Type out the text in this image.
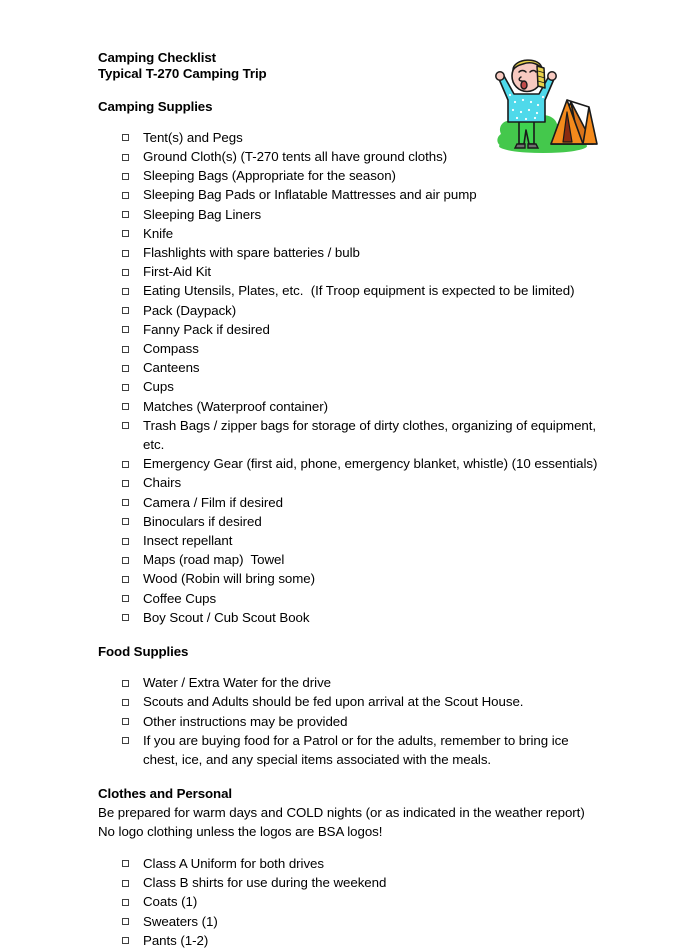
Camping Checklist
Typical T-270 Camping Trip
Camping Supplies
Tent(s) and Pegs
Ground Cloth(s) (T-270 tents all have ground cloths)
Sleeping Bags (Appropriate for the season)
Sleeping Bag Pads or Inflatable Mattresses and air pump
Sleeping Bag Liners
Knife
Flashlights with spare batteries / bulb
First-Aid Kit
Eating Utensils, Plates, etc.  (If Troop equipment is expected to be limited)
Pack (Daypack)
Fanny Pack if desired
Compass
Canteens
Cups
Matches (Waterproof container)
Trash Bags / zipper bags for storage of dirty clothes, organizing of equipment, etc.
Emergency Gear (first aid, phone, emergency blanket, whistle) (10 essentials)
Chairs
Camera / Film if desired
Binoculars if desired
Insect repellant
Maps (road map)  Towel
Wood (Robin will bring some)
Coffee Cups
Boy Scout / Cub Scout Book
Food Supplies
Water / Extra Water for the drive
Scouts and Adults should be fed upon arrival at the Scout House.
Other instructions may be provided
If you are buying food for a Patrol or for the adults, remember to bring ice chest, ice, and any special items associated with the meals.
Clothes and Personal
Be prepared for warm days and COLD nights (or as indicated in the weather report)
No logo clothing unless the logos are BSA logos!
Class A Uniform for both drives
Class B shirts for use during the weekend
Coats (1)
Sweaters (1)
Pants (1-2)
